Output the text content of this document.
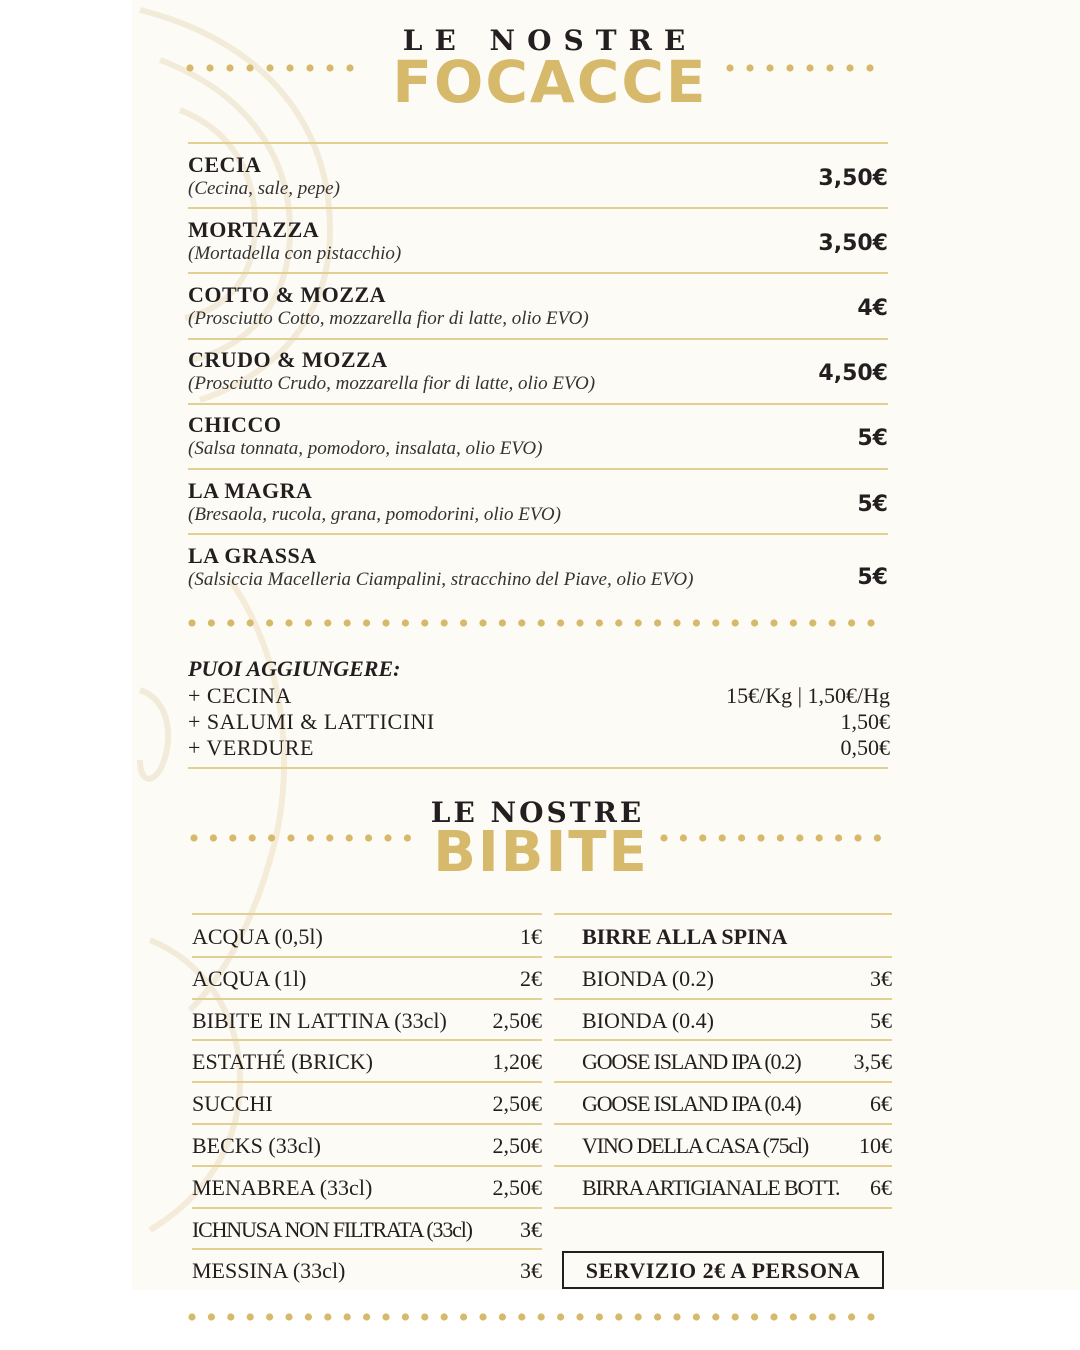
LE NOSTRE
FOCACCE
CECIA
(Cecina, sale, pepe)	3,50€
MORTAZZA
(Mortadella con pistacchio)	3,50€
COTTO & MOZZA
(Prosciutto Cotto, mozzarella fior di latte, olio EVO)	4€
CRUDO & MOZZA
(Prosciutto Crudo, mozzarella fior di latte, olio EVO)	4,50€
CHICCO
(Salsa tonnata, pomodoro, insalata, olio EVO)	5€
LA MAGRA
(Bresaola, rucola, grana, pomodorini, olio EVO)	5€
LA GRASSA
(Salsiccia Macelleria Ciampalini, stracchino del Piave, olio EVO)	5€
PUOI AGGIUNGERE:
+ CECINA	15€/Kg | 1,50€/Hg
+ SALUMI & LATTICINI	1,50€
+ VERDURE	0,50€
LE NOSTRE
BIBITE
ACQUA (0,5l)	1€
ACQUA (1l)	2€
BIBITE IN LATTINA (33cl) 2,50€
ESTATHÉ (BRICK)	1,20€
SUCCHI	2,50€
BECKS (33cl)	2,50€
MENABREA (33cl)	2,50€
ICHNUSA NON FILTRATA (33cl) 3€
MESSINA (33cl)	3€
BIRRE ALLA SPINA
BIONDA (0.2)	3€
BIONDA (0.4)	5€
GOOSE ISLAND IPA (0.2) 3,5€
GOOSE ISLAND IPA (0.4)	6€
VINO DELLA CASA (75cl) 10€
BIRRA ARTIGIANALE BOTT. 6€
SERVIZIO 2€ A PERSONA
